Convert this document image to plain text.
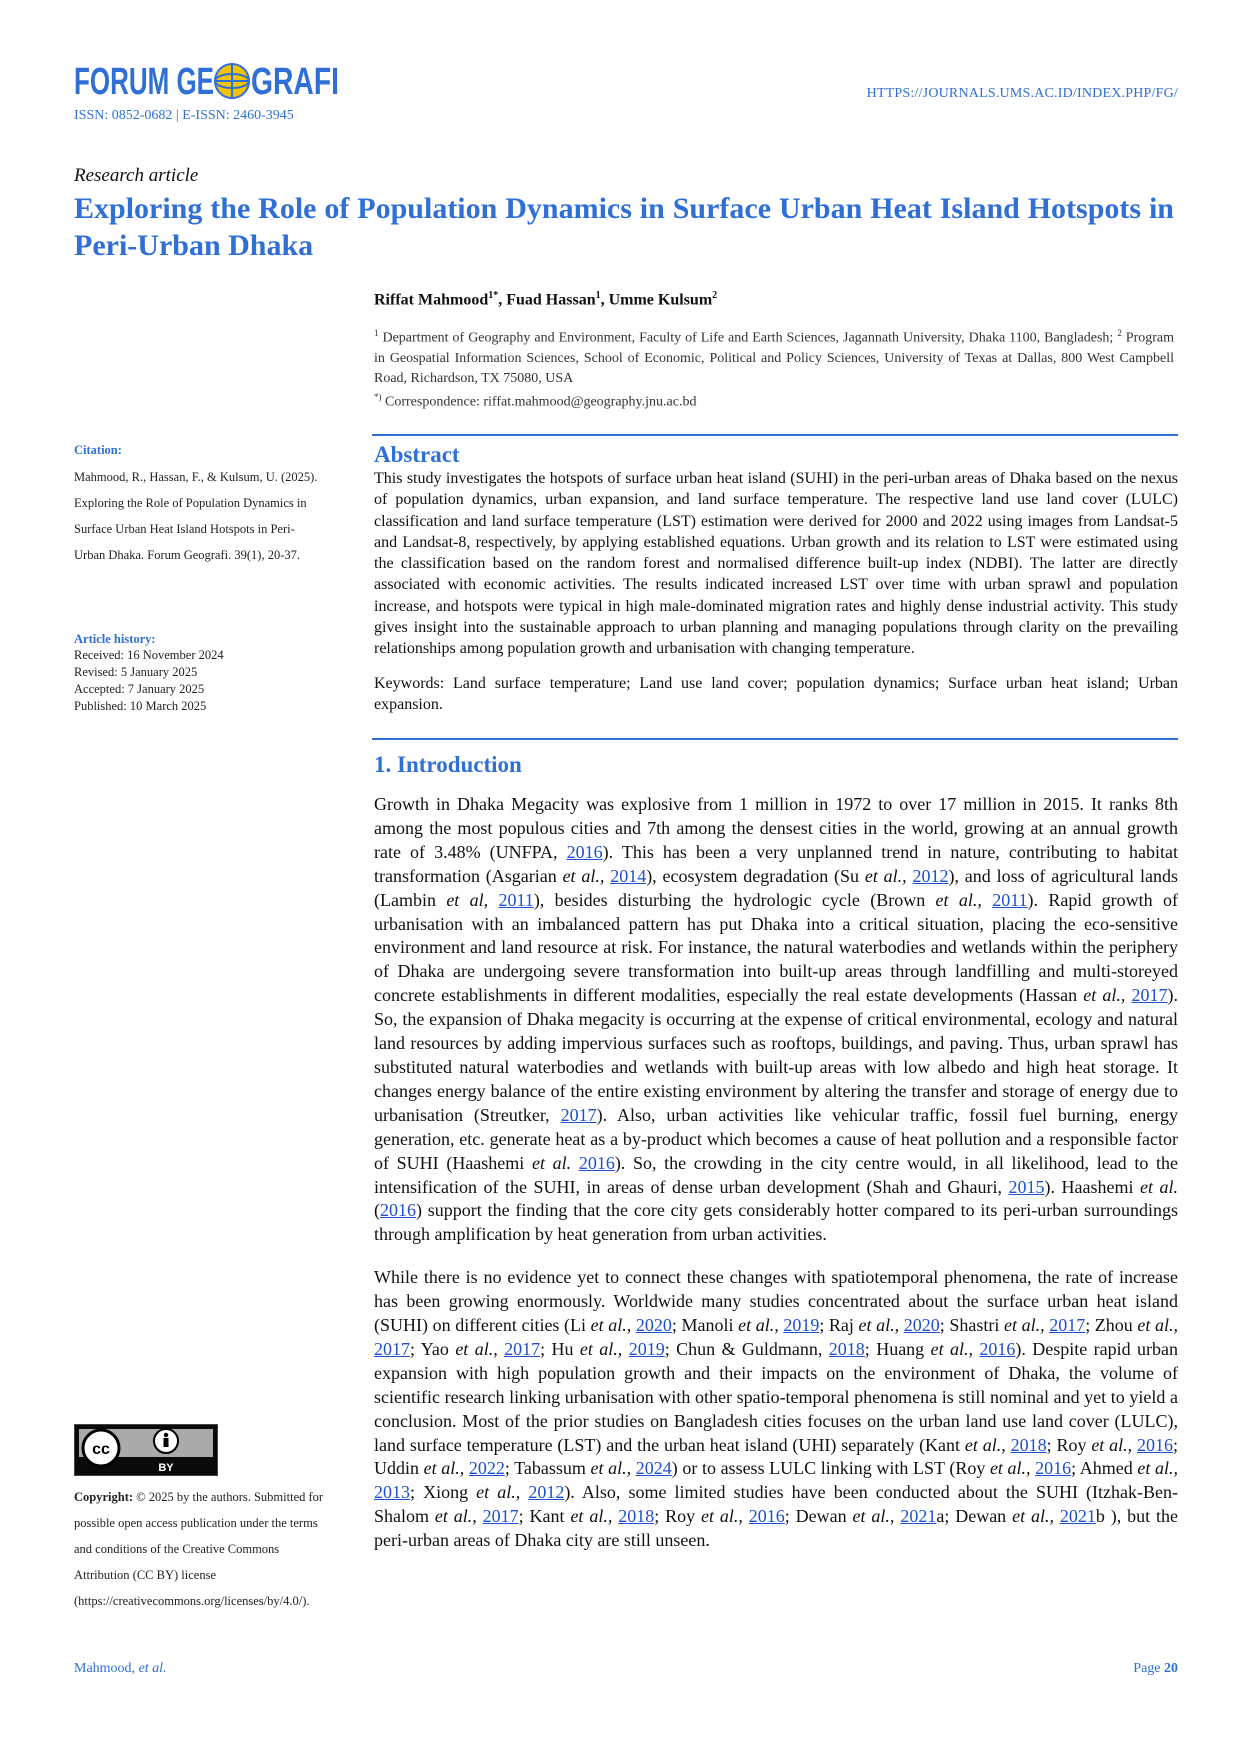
FORUM GE GRAFI
ISSN: 0852-0682 | E-ISSN: 2460-3945
HTTPS://JOURNALS.UMS.AC.ID/INDEX.PHP/FG/
Research article
Exploring the Role of Population Dynamics in Surface Urban Heat Island Hotspots in Peri-Urban Dhaka
Riffat Mahmood$^{1*}$, Fuad Hassan$^1$, Umme Kulsum$^2$
$^1$ Department of Geography and Environment, Faculty of Life and Earth Sciences, Jagannath University, Dhaka 1100, Bangladesh; $^2$ Program in Geospatial Information Sciences, School of Economic, Political and Policy Sciences, University of Texas at Dallas, 800 West Campbell Road, Richardson, TX 75080, USA
*) Correspondence: riffat.mahmood@geography.jnu.ac.bd
Citation:
Mahmood, R., Hassan, F., & Kulsum, U. (2025). Exploring the Role of Population Dynamics in Surface Urban Heat Island Hotspots in Peri-Urban Dhaka. Forum Geografi. 39(1), 20-37.
Article history:
Received: 16 November 2024
Revised: 5 January 2025
Accepted: 7 January 2025
Published: 10 March 2025
cc
BY
Copyright: © 2025 by the authors. Submitted for possible open access publication under the terms and conditions of the Creative Commons Attribution (CC BY) license (https://creativecommons.org/licenses/by/4.0/).
Abstract
This study investigates the hotspots of surface urban heat island (SUHI) in the peri-urban areas of Dhaka based on the nexus of population dynamics, urban expansion, and land surface temperature. The respective land use land cover (LULC) classification and land surface temperature (LST) estimation were derived for 2000 and 2022 using images from Landsat-5 and Landsat-8, respectively, by applying established equations. Urban growth and its relation to LST were estimated using the classification based on the random forest and normalised difference built-up index (NDBI). The latter are directly associated with economic activities. The results indicated increased LST over time with urban sprawl and population increase, and hotspots were typical in high male-dominated migration rates and highly dense industrial activity. This study gives insight into the sustainable approach to urban planning and managing populations through clarity on the prevailing relationships among population growth and urbanisation with changing temperature.
Keywords: Land surface temperature; Land use land cover; population dynamics; Surface urban heat island; Urban expansion.
1. Introduction

Growth in Dhaka Megacity was explosive from 1 million in 1972 to over 17 million in 2015. It ranks 8th among the most populous cities and 7th among the densest cities in the world, growing at an annual growth rate of 3.48% (UNFPA, 2016). This has been a very unplanned trend in nature, contributing to habitat transformation (Asgarian et al., 2014), ecosystem degradation (Su et al., 2012), and loss of agricultural lands (Lambin et al, 2011), besides disturbing the hydrologic cycle (Brown et al., 2011). Rapid growth of urbanisation with an imbalanced pattern has put Dhaka into a critical situation, placing the eco-sensitive environment and land resource at risk. For instance, the natural waterbodies and wetlands within the periphery of Dhaka are undergoing severe transformation into built-up areas through landfilling and multi-storeyed concrete establishments in different modalities, especially the real estate developments (Hassan et al., 2017). So, the expansion of Dhaka megacity is occurring at the expense of critical environmental, ecology and natural land resources by adding impervious surfaces such as rooftops, buildings, and paving. Thus, urban sprawl has substituted natural waterbodies and wetlands with built-up areas with low albedo and high heat storage. It changes energy balance of the entire existing environment by altering the transfer and storage of energy due to urbanisation (Streutker, 2017). Also, urban activities like vehicular traffic, fossil fuel burning, energy generation, etc. generate heat as a by-product which becomes a cause of heat pollution and a responsible factor of SUHI (Haashemi et al. 2016). So, the crowding in the city centre would, in all likelihood, lead to the intensification of the SUHI, in areas of dense urban development (Shah and Ghauri, 2015). Haashemi et al. (2016) support the finding that the core city gets considerably hotter compared to its peri-urban surroundings through amplification by heat generation from urban activities.

While there is no evidence yet to connect these changes with spatiotemporal phenomena, the rate of increase has been growing enormously. Worldwide many studies concentrated about the surface urban heat island (SUHI) on different cities (Li et al., 2020; Manoli et al., 2019; Raj et al., 2020; Shastri et al., 2017; Zhou et al., 2017; Yao et al., 2017; Hu et al., 2019; Chun & Guldmann, 2018; Huang et al., 2016). Despite rapid urban expansion with high population growth and their impacts on the environment of Dhaka, the volume of scientific research linking urbanisation with other spatio-temporal phenomena is still nominal and yet to yield a conclusion. Most of the prior studies on Bangladesh cities focuses on the urban land use land cover (LULC), land surface temperature (LST) and the urban heat island (UHI) separately (Kant et al., 2018; Roy et al., 2016; Uddin et al., 2022; Tabassum et al., 2024) or to assess LULC linking with LST (Roy et al., 2016; Ahmed et al., 2013; Xiong et al., 2012). Also, some limited studies have been conducted about the SUHI (Itzhak-Ben-Shalom et al., 2017; Kant et al., 2018; Roy et al., 2016; Dewan et al., 2021a; Dewan et al., 2021b ), but the peri-urban areas of Dhaka city are still unseen.

Mahmood, et al.	Page 20
